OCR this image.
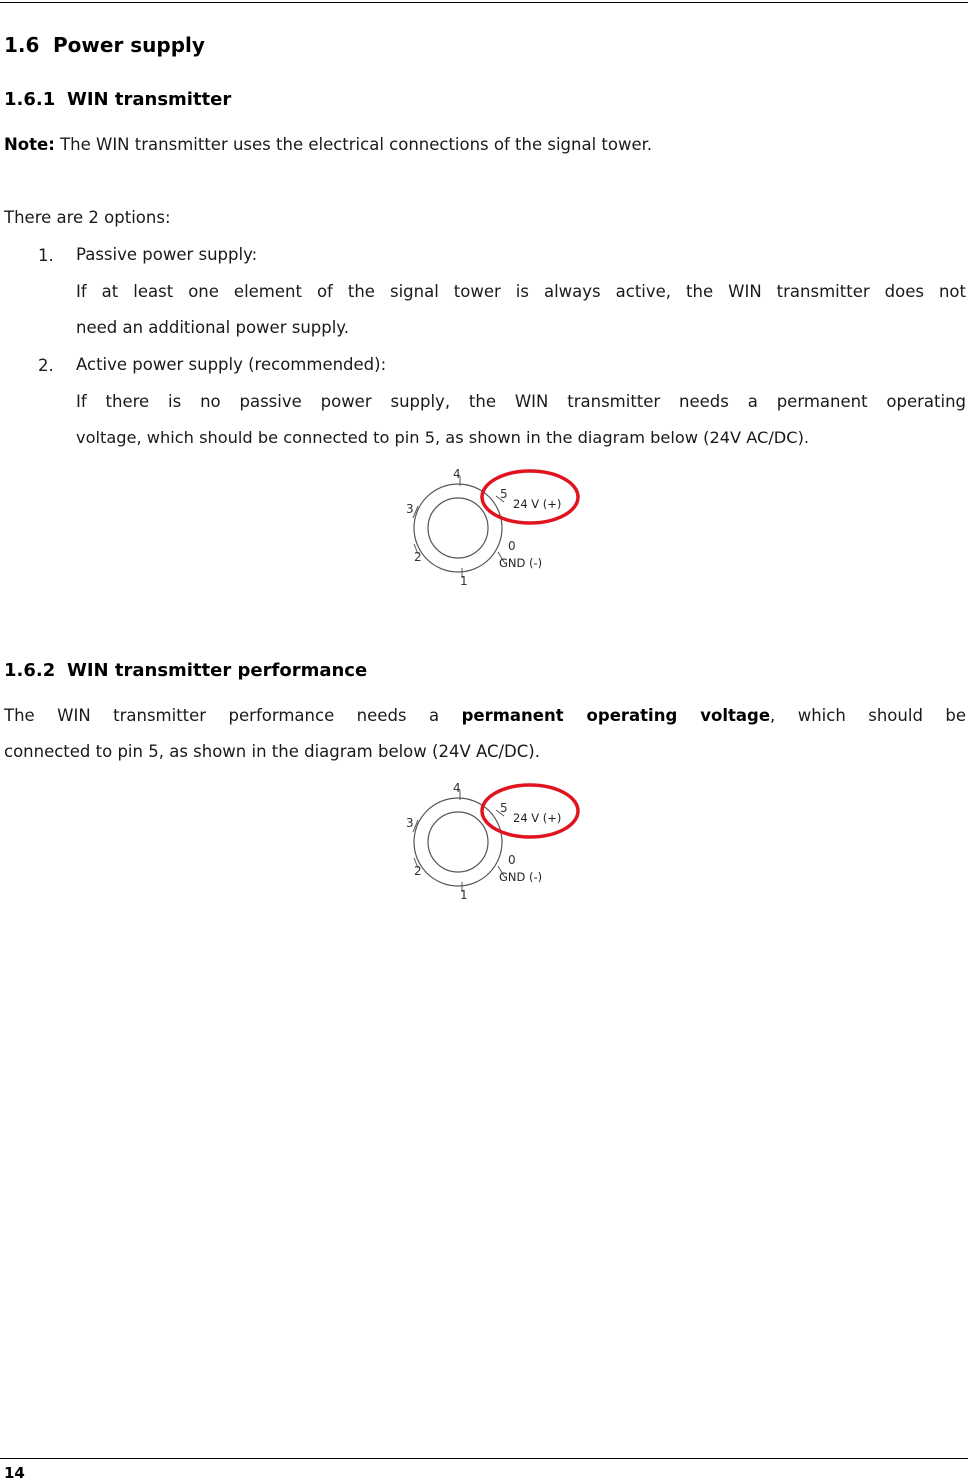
1.6 Power supply
1.6.1 WIN transmitter

Note: The WIN transmitter uses the electrical connections of the signal tower.

There are 2 options:

1. Passive power supply:

If at least one element of the signal tower is always active, the WIN transmitter does not

need an additional power supply.

2. Active power supply (recommended):

If there is no passive power supply, the WIN transmitter needs a permanent operating

voltage, which should be connected to pin 5, as shown in the diagram below (24V AC/DC).

4
3
2
1
5
0
24 V (+)
GND (-)
1.6.2 WIN transmitter performance

The WIN transmitter performance needs a permanent operating voltage, which should be

connected to pin 5, as shown in the diagram below (24V AC/DC).

4
3
2
1
5
0
24 V (+)
GND (-)
14
